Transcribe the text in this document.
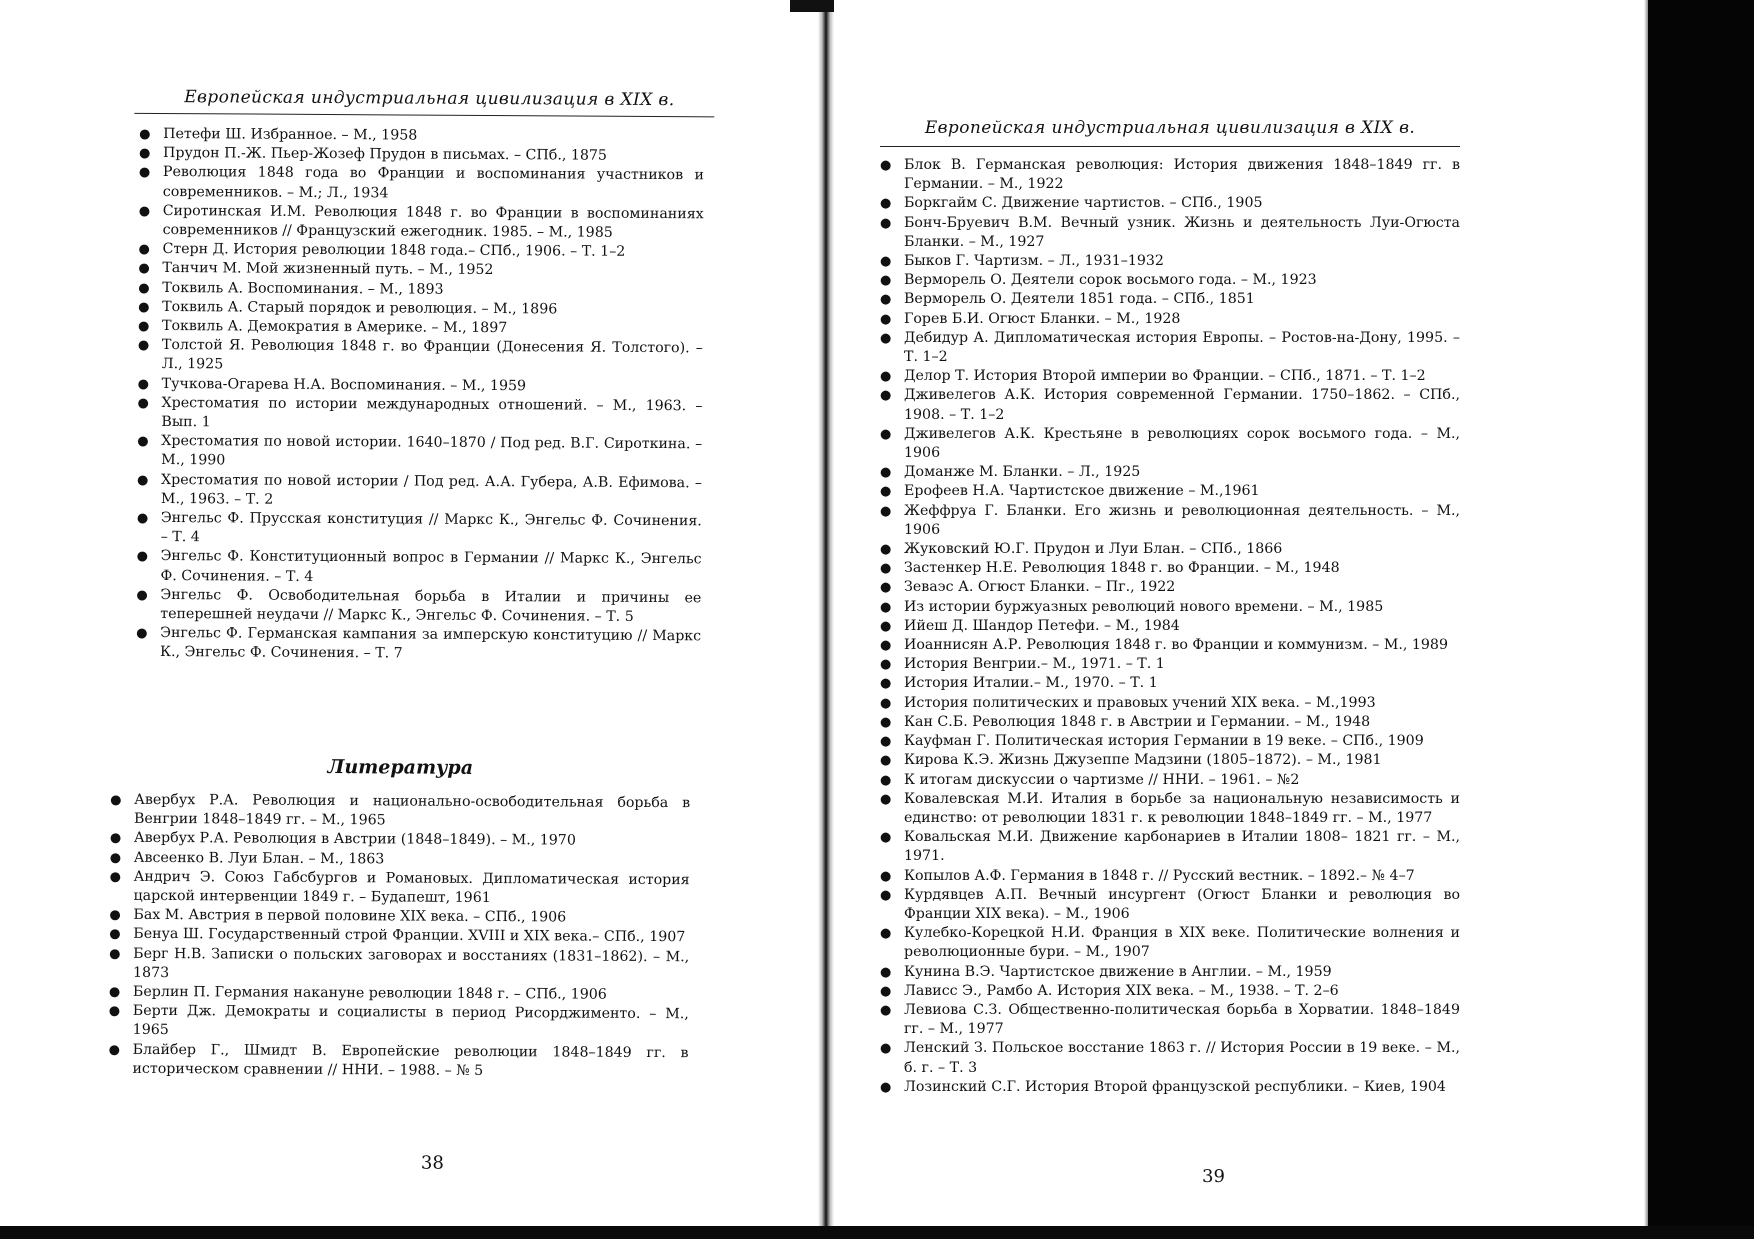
Европейская индустриальная цивилизация в XIX в.
● Петефи Ш. Избранное. – М., 1958
● Прудон П.-Ж. Пьер-Жозеф Прудон в письмах. – СПб., 1875
● Революция 1848 года во Франции и воспоминания участников и современников. – М.; Л., 1934
● Сиротинская И.М. Революция 1848 г. во Франции в воспоминаниях современников // Французский ежегодник. 1985. – М., 1985
● Стерн Д. История революции 1848 года.– СПб., 1906. – Т. 1–2
● Танчич М. Мой жизненный путь. – М., 1952
● Токвиль А. Воспоминания. – М., 1893
● Токвиль А. Старый порядок и революция. – М., 1896
● Токвиль А. Демократия в Америке. – М., 1897
● Толстой Я. Революция 1848 г. во Франции (Донесения Я. Толстого). – Л., 1925
● Тучкова-Огарева Н.А. Воспоминания. – М., 1959
● Хрестоматия по истории международных отношений. – М., 1963. – Вып. 1
● Хрестоматия по новой истории. 1640–1870 / Под ред. В.Г. Сироткина. – М., 1990
● Хрестоматия по новой истории / Под ред. А.А. Губера, А.В. Ефимова. – М., 1963. – Т. 2
● Энгельс Ф. Прусская конституция // Маркс К., Энгельс Ф. Сочинения. – Т. 4
● Энгельс Ф. Конституционный вопрос в Германии // Маркс К., Энгельс Ф. Сочинения. – Т. 4
● Энгельс Ф. Освободительная борьба в Италии и причины ее теперешней неудачи // Маркс К., Энгельс Ф. Сочинения. – Т. 5
● Энгельс Ф. Германская кампания за имперскую конституцию // Маркс К., Энгельс Ф. Сочинения. – Т. 7
Литература
● Авербух Р.А. Революция и национально-освободительная борьба в Венгрии 1848–1849 гг. – М., 1965
● Авербух Р.А. Революция в Австрии (1848–1849). – М., 1970
● Авсеенко В. Луи Блан. – М., 1863
● Андрич Э. Союз Габсбургов и Романовых. Дипломатическая история царской интервенции 1849 г. – Будапешт, 1961
● Бах М. Австрия в первой половине XIX века. – СПб., 1906
● Бенуа Ш. Государственный строй Франции. XVIII и XIX века.– СПб., 1907
● Берг Н.В. Записки о польских заговорах и восстаниях (1831–1862). – М., 1873
● Берлин П. Германия накануне революции 1848 г. – СПб., 1906
● Берти Дж. Демократы и социалисты в период Рисорджименто. – М., 1965
● Блайбер Г., Шмидт В. Европейские революции 1848–1849 гг. в историческом сравнении // ННИ. – 1988. – № 5
38
Европейская индустриальная цивилизация в XIX в.
● Блок В. Германская революция: История движения 1848–1849 гг. в Германии. – М., 1922
● Боркгайм С. Движение чартистов. – СПб., 1905
● Бонч-Бруевич В.М. Вечный узник. Жизнь и деятельность Луи-Огюста Бланки. – М., 1927
● Быков Г. Чартизм. – Л., 1931–1932
● Верморель О. Деятели сорок восьмого года. – М., 1923
● Верморель О. Деятели 1851 года. – СПб., 1851
● Горев Б.И. Огюст Бланки. – М., 1928
● Дебидур А. Дипломатическая история Европы. – Ростов-на-Дону, 1995. – Т. 1–2
● Делор Т. История Второй империи во Франции. – СПб., 1871. – Т. 1–2
● Дживелегов А.К. История современной Германии. 1750–1862. – СПб., 1908. – Т. 1–2
● Дживелегов А.К. Крестьяне в революциях сорок восьмого года. – М., 1906
● Доманже М. Бланки. – Л., 1925
● Ерофеев Н.А. Чартистское движение – М.,1961
● Жеффруа Г. Бланки. Его жизнь и революционная деятельность. – М., 1906
● Жуковский Ю.Г. Прудон и Луи Блан. – СПб., 1866
● Застенкер Н.Е. Революция 1848 г. во Франции. – М., 1948
● Зеваэс А. Огюст Бланки. – Пг., 1922
● Из истории буржуазных революций нового времени. – М., 1985
● Ийеш Д. Шандор Петефи. – М., 1984
● Иоаннисян А.Р. Революция 1848 г. во Франции и коммунизм. – М., 1989
● История Венгрии.– М., 1971. – Т. 1
● История Италии.– М., 1970. – Т. 1
● История политических и правовых учений XIX века. – М.,1993
● Кан С.Б. Революция 1848 г. в Австрии и Германии. – М., 1948
● Кауфман Г. Политическая история Германии в 19 веке. – СПб., 1909
● Кирова К.Э. Жизнь Джузеппе Мадзини (1805–1872). – М., 1981
● К итогам дискуссии о чартизме // ННИ. – 1961. – №2
● Ковалевская М.И. Италия в борьбе за национальную независимость и единство: от революции 1831 г. к революции 1848–1849 гг. – М., 1977
● Ковальская М.И. Движение карбонариев в Италии 1808– 1821 гг. – М., 1971.
● Копылов А.Ф. Германия в 1848 г. // Русский вестник. – 1892.– № 4–7
● Курдявцев А.П. Вечный инсургент (Огюст Бланки и революция во Франции XIX века). – М., 1906
● Кулебко-Корецкой Н.И. Франция в XIX веке. Политические волнения и революционные бури. – М., 1907
● Кунина В.Э. Чартистское движение в Англии. – М., 1959
● Лависс Э., Рамбо А. История XIX века. – М., 1938. – Т. 2–6
● Левиова С.З. Общественно-политическая борьба в Хорватии. 1848–1849 гг. – М., 1977
● Ленский З. Польское восстание 1863 г. // История России в 19 веке. – М., б. г. – Т. 3
● Лозинский С.Г. История Второй французской республики. – Киев, 1904
39
